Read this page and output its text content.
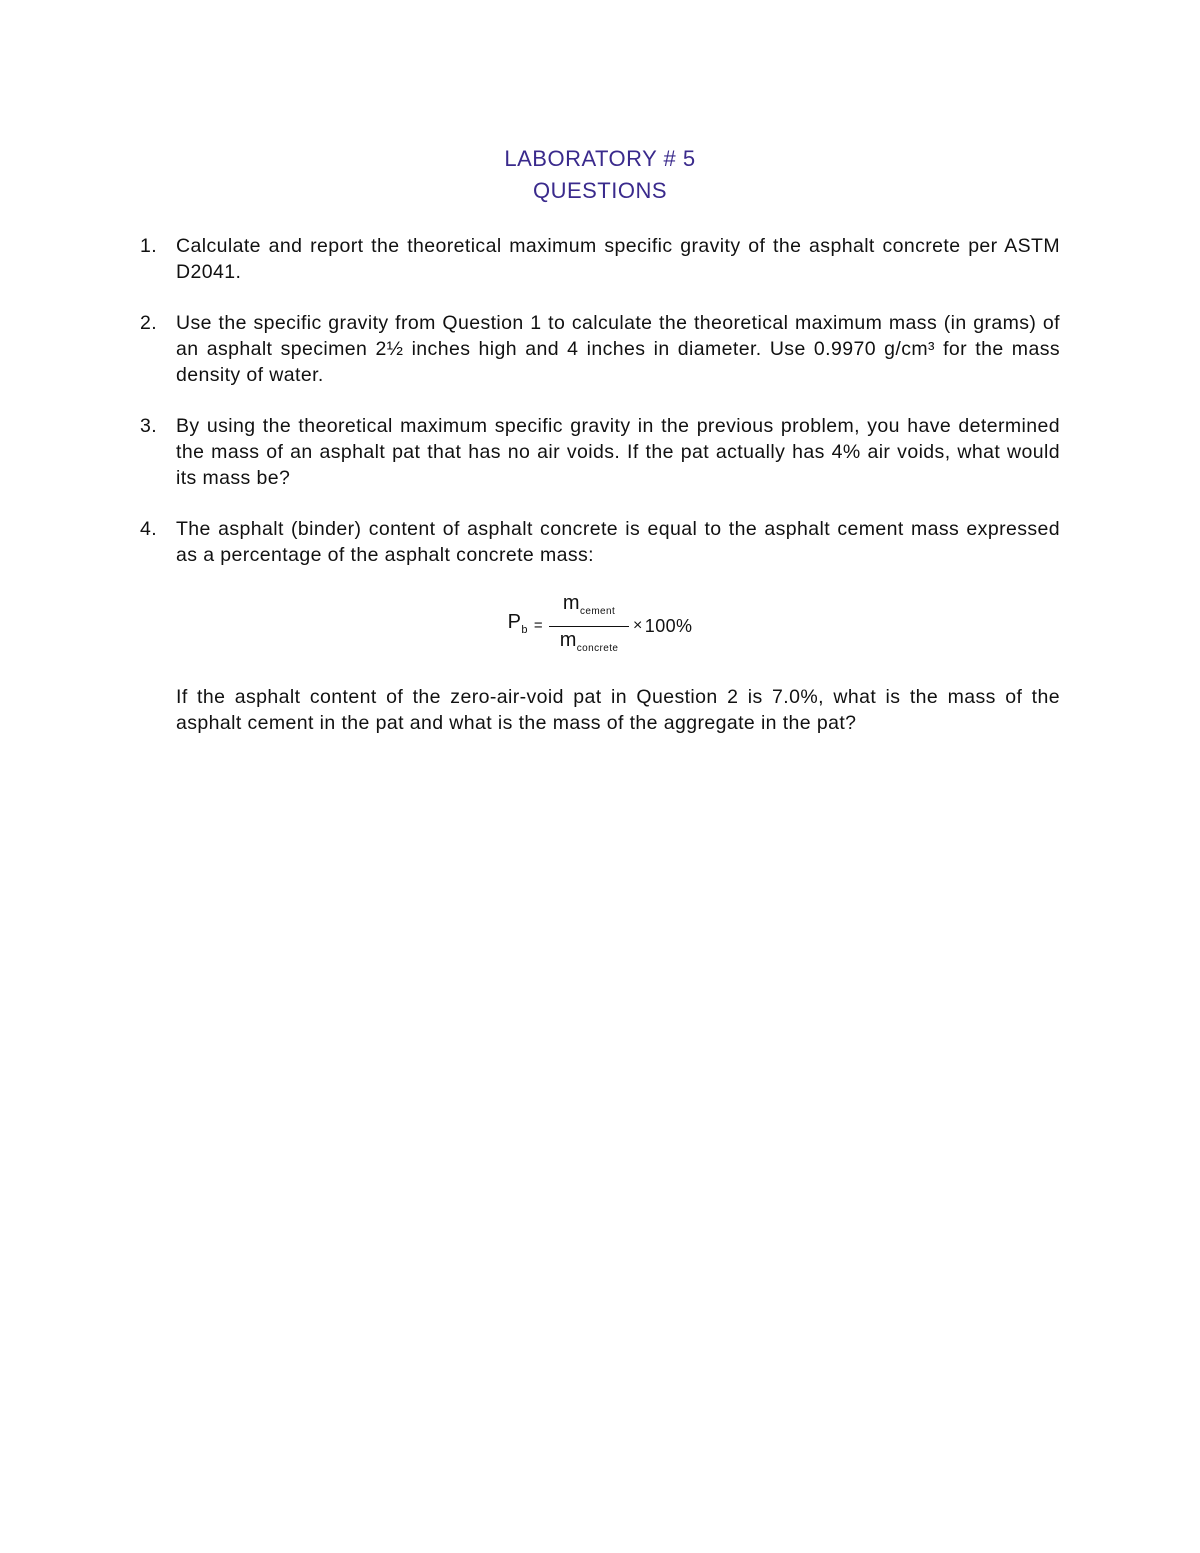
LABORATORY # 5
QUESTIONS
1. Calculate and report the theoretical maximum specific gravity of the asphalt concrete per ASTM D2041.
2. Use the specific gravity from Question 1 to calculate the theoretical maximum mass (in grams) of an asphalt specimen 2½ inches high and 4 inches in diameter. Use 0.9970 g/cm³ for the mass density of water.
3. By using the theoretical maximum specific gravity in the previous problem, you have determined the mass of an asphalt pat that has no air voids. If the pat actually has 4% air voids, what would its mass be?
4. The asphalt (binder) content of asphalt concrete is equal to the asphalt cement mass expressed as a percentage of the asphalt concrete mass:
$P_b = \frac{m_{cement}}{m_{concrete}} \times 100\%$
If the asphalt content of the zero-air-void pat in Question 2 is 7.0%, what is the mass of the asphalt cement in the pat and what is the mass of the aggregate in the pat?
